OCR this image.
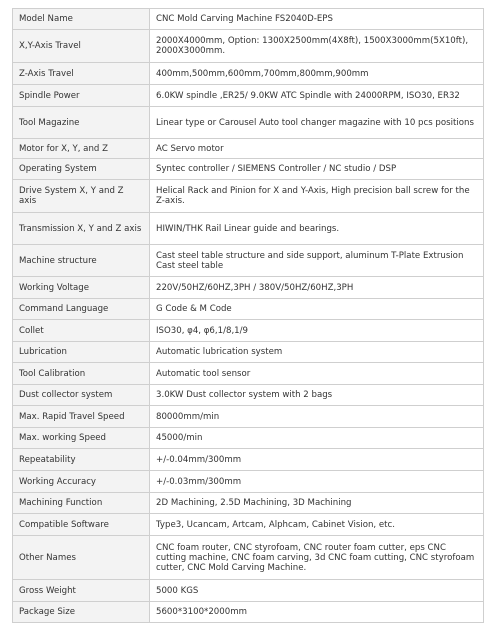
Model Name	CNC Mold Carving Machine FS2040D-EPS
X,Y-Axis Travel	2000X4000mm, Option: 1300X2500mm(4X8ft), 1500X3000mm(5X10ft), 2000X3000mm.
Z-Axis Travel	400mm,500mm,600mm,700mm,800mm,900mm
Spindle Power	6.0KW spindle ,ER25/ 9.0KW ATC Spindle with 24000RPM, ISO30, ER32
Tool Magazine	Linear type or Carousel Auto tool changer magazine with 10 pcs positions
Motor for X, Y, and Z	AC Servo motor
Operating System	Syntec controller / SIEMENS Controller / NC studio / DSP
Drive System X, Y and Z axis	Helical Rack and Pinion for X and Y-Axis, High precision ball screw for the Z-axis.
Transmission X, Y and Z axis	HIWIN/THK Rail Linear guide and bearings.
Machine structure	Cast steel table structure and side support, aluminum T-Plate Extrusion Cast steel table
Working Voltage	220V/50HZ/60HZ,3PH / 380V/50HZ/60HZ,3PH
Command Language	G Code & M Code
Collet	ISO30, φ4, φ6,1/8,1/9
Lubrication	Automatic lubrication system
Tool Calibration	Automatic tool sensor
Dust collector system	3.0KW Dust collector system with 2 bags
Max. Rapid Travel Speed	80000mm/min
Max. working Speed	45000/min
Repeatability	+/-0.04mm/300mm
Working Accuracy	+/-0.03mm/300mm
Machining Function	2D Machining, 2.5D Machining, 3D Machining
Compatible Software	Type3, Ucancam, Artcam, Alphcam, Cabinet Vision, etc.
Other Names	CNC foam router, CNC styrofoam, CNC router foam cutter, eps CNC cutting machine, CNC foam carving, 3d CNC foam cutting, CNC styrofoam cutter, CNC Mold Carving Machine.
Gross Weight	5000 KGS
Package Size	5600*3100*2000mm
